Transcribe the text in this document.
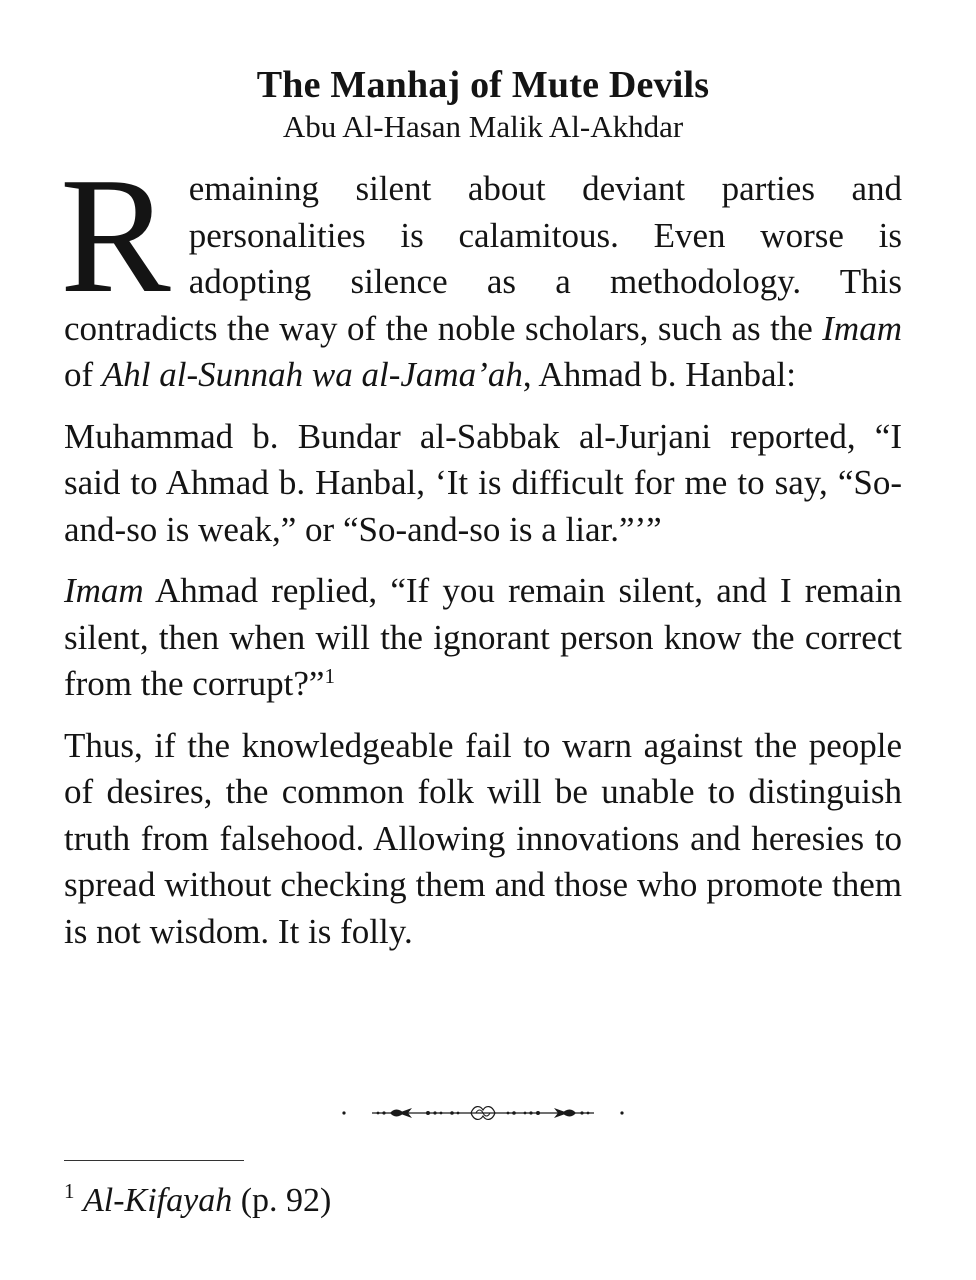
The Manhaj of Mute Devils
Abu Al-Hasan Malik Al-Akhdar

Remaining silent about deviant parties and personalities is calamitous. Even worse is adopting silence as a methodology. This contradicts the way of the noble scholars, such as the Imam of Ahl al-Sunnah wa al-Jama’ah, Ahmad b. Hanbal:

Muhammad b. Bundar al-Sabbak al-Jurjani reported, “I said to Ahmad b. Hanbal, ‘It is difficult for me to say, “So-and-so is weak,” or “So-and-so is a liar.”’”

Imam Ahmad replied, “If you remain silent, and I remain silent, then when will the ignorant person know the correct from the corrupt?”$^1$

Thus, if the knowledgeable fail to warn against the people of desires, the common folk will be unable to distinguish truth from falsehood. Allowing innovations and heresies to spread without checking them and those who promote them is not wisdom. It is folly.

$^1$ Al-Kifayah (p. 92)
